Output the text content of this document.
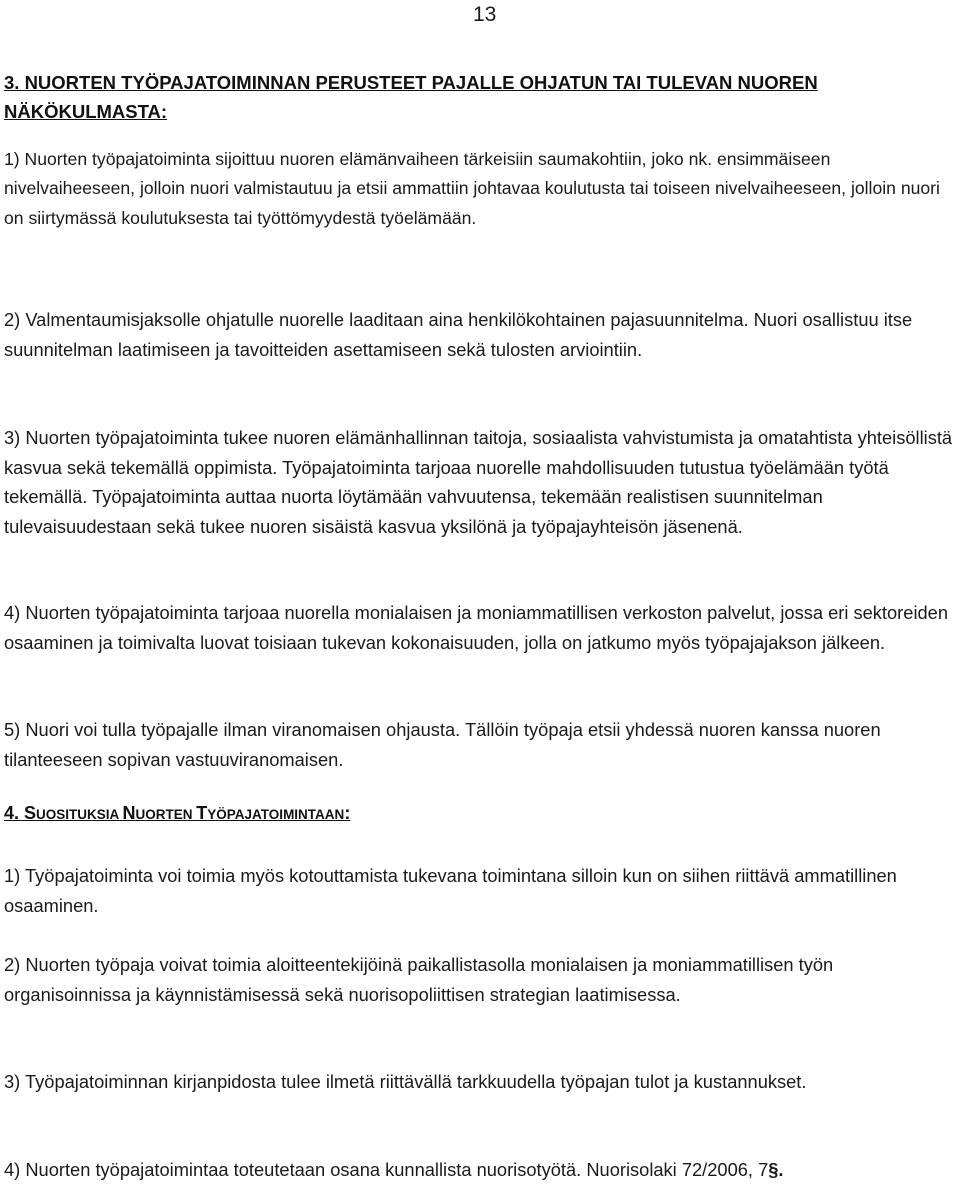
13
3. NUORTEN TYÖPAJATOIMINNAN PERUSTEET PAJALLE OHJATUN TAI TULEVAN NUOREN NÄKÖKULMASTA:

1) Nuorten työpajatoiminta sijoittuu nuoren elämänvaiheen tärkeisiin saumakohtiin, joko nk. ensimmäiseen nivelvaiheeseen, jolloin nuori valmistautuu ja etsii ammattiin johtavaa koulutusta tai toiseen nivelvaiheeseen, jolloin nuori on siirtymässä koulutuksesta tai työttömyydestä työelämään.

2) Valmentaumisjaksolle ohjatulle nuorelle laaditaan aina henkilökohtainen pajasuunnitelma. Nuori osallistuu itse suunnitelman laatimiseen ja tavoitteiden asettamiseen sekä tulosten arviointiin.

3) Nuorten työpajatoiminta tukee nuoren elämänhallinnan taitoja, sosiaalista vahvistumista ja omatahtista yhteisöllistä kasvua sekä tekemällä oppimista. Työpajatoiminta tarjoaa nuorelle mahdollisuuden tutustua työelämään työtä tekemällä. Työpajatoiminta auttaa nuorta löytämään vahvuutensa, tekemään realistisen suunnitelman tulevaisuudestaan sekä tukee nuoren sisäistä kasvua yksilönä ja työpajayhteisön jäsenenä.

4) Nuorten työpajatoiminta tarjoaa nuorella monialaisen ja moniammatillisen verkoston palvelut, jossa eri sektoreiden osaaminen ja toimivalta luovat toisiaan tukevan kokonaisuuden, jolla on jatkumo myös työpajajakson jälkeen.

5) Nuori voi tulla työpajalle ilman viranomaisen ohjausta. Tällöin työpaja etsii yhdessä nuoren kanssa nuoren tilanteeseen sopivan vastuuviranomaisen.

4. SUOSITUKSIA NUORTEN TYÖPAJATOIMINTAAN:

1) Työpajatoiminta voi toimia myös kotouttamista tukevana toimintana silloin kun on siihen riittävä ammatillinen osaaminen.

2) Nuorten työpaja voivat toimia aloitteentekijöinä paikallistasolla monialaisen ja moniammatillisen työn organisoinnissa ja käynnistämisessä sekä nuorisopoliittisen strategian laatimisessa.

3) Työpajatoiminnan kirjanpidosta tulee ilmetä riittävällä tarkkuudella työpajan tulot ja kustannukset.

4) Nuorten työpajatoimintaa toteutetaan osana kunnallista nuorisotyötä. Nuorisolaki 72/2006, 7§.
